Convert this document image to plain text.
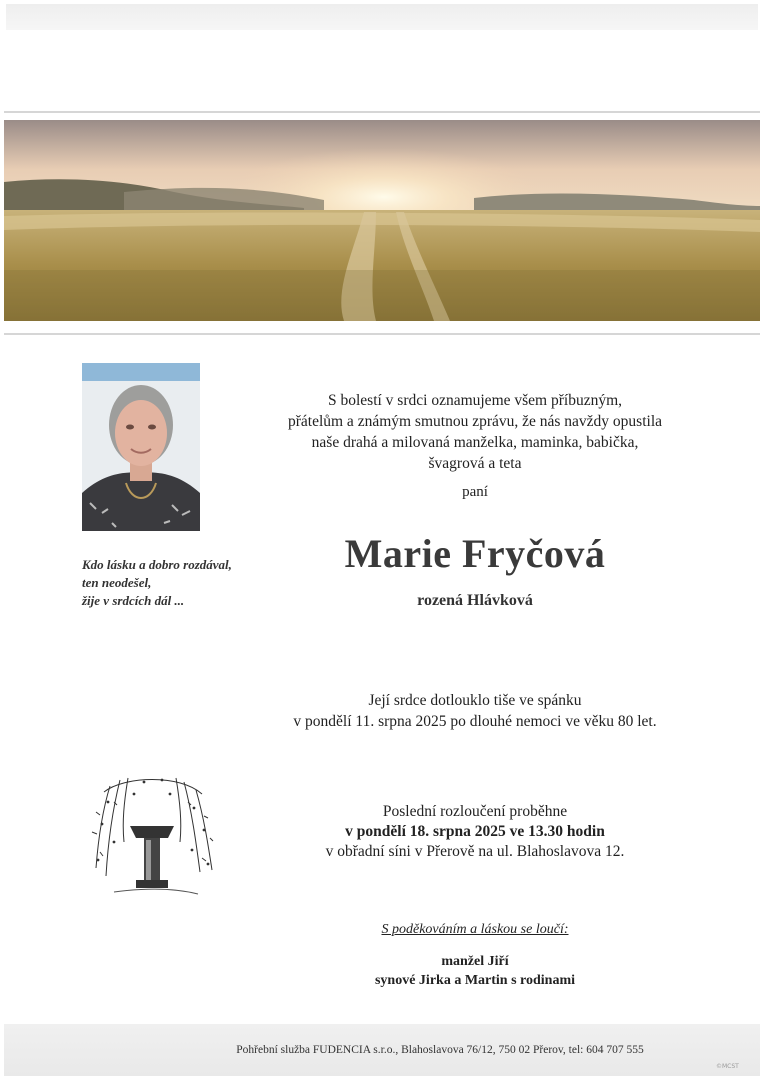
Kdo lásku a dobro rozdával,
ten neodešel,
žije v srdcích dál ...
S bolestí v srdci oznamujeme všem příbuzným,
přátelům a známým smutnou zprávu, že nás navždy opustila
naše drahá a milovaná manželka, maminka, babička,
švagrová a teta
paní
Marie Fryčová
rozená Hlávková
Její srdce dotlouklo tiše ve spánku
v pondělí 11. srpna 2025 po dlouhé nemoci ve věku 80 let.
Poslední rozloučení proběhne
v pondělí 18. srpna 2025 ve 13.30 hodin
v obřadní síni v Přerově na ul. Blahoslavova 12.
S poděkováním a láskou se loučí:
manžel Jiří
synové Jirka a Martin s rodinami
Pohřební služba FUDENCIA s.r.o., Blahoslavova 76/12, 750 02 Přerov, tel: 604 707 555
©MCST
